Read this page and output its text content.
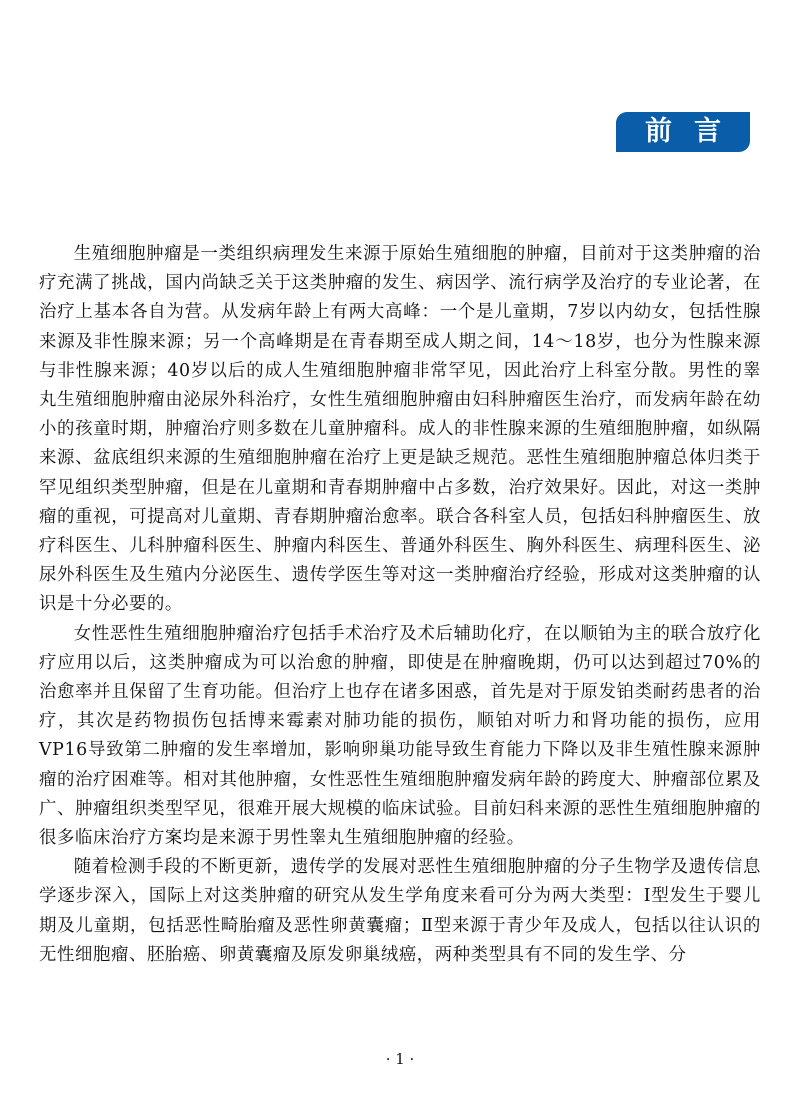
前言

生殖细胞肿瘤是一类组织病理发生来源于原始生殖细胞的肿瘤，目前对于这类肿瘤的治疗充满了挑战，国内尚缺乏关于这类肿瘤的发生、病因学、流行病学及治疗的专业论著，在治疗上基本各自为营。从发病年龄上有两大高峰：一个是儿童期，7岁以内幼女，包括性腺来源及非性腺来源；另一个高峰期是在青春期至成人期之间，14～18岁，也分为性腺来源与非性腺来源；40岁以后的成人生殖细胞肿瘤非常罕见，因此治疗上科室分散。男性的睾丸生殖细胞肿瘤由泌尿外科治疗，女性生殖细胞肿瘤由妇科肿瘤医生治疗，而发病年龄在幼小的孩童时期，肿瘤治疗则多数在儿童肿瘤科。成人的非性腺来源的生殖细胞肿瘤，如纵隔来源、盆底组织来源的生殖细胞肿瘤在治疗上更是缺乏规范。恶性生殖细胞肿瘤总体归类于罕见组织类型肿瘤，但是在儿童期和青春期肿瘤中占多数，治疗效果好。因此，对这一类肿瘤的重视，可提高对儿童期、青春期肿瘤治愈率。联合各科室人员，包括妇科肿瘤医生、放疗科医生、儿科肿瘤科医生、肿瘤内科医生、普通外科医生、胸外科医生、病理科医生、泌尿外科医生及生殖内分泌医生、遗传学医生等对这一类肿瘤治疗经验，形成对这类肿瘤的认识是十分必要的。

女性恶性生殖细胞肿瘤治疗包括手术治疗及术后辅助化疗，在以顺铂为主的联合放疗化疗应用以后，这类肿瘤成为可以治愈的肿瘤，即使是在肿瘤晚期，仍可以达到超过70%的治愈率并且保留了生育功能。但治疗上也存在诸多困惑，首先是对于原发铂类耐药患者的治疗，其次是药物损伤包括博来霉素对肺功能的损伤，顺铂对听力和肾功能的损伤，应用VP16导致第二肿瘤的发生率增加，影响卵巢功能导致生育能力下降以及非生殖性腺来源肿瘤的治疗困难等。相对其他肿瘤，女性恶性生殖细胞肿瘤发病年龄的跨度大、肿瘤部位累及广、肿瘤组织类型罕见，很难开展大规模的临床试验。目前妇科来源的恶性生殖细胞肿瘤的很多临床治疗方案均是来源于男性睾丸生殖细胞肿瘤的经验。

随着检测手段的不断更新，遗传学的发展对恶性生殖细胞肿瘤的分子生物学及遗传信息学逐步深入，国际上对这类肿瘤的研究从发生学角度来看可分为两大类型：Ⅰ型发生于婴儿期及儿童期，包括恶性畸胎瘤及恶性卵黄囊瘤；Ⅱ型来源于青少年及成人，包括以往认识的无性细胞瘤、胚胎癌、卵黄囊瘤及原发卵巢绒癌，两种类型具有不同的发生学、分

· 1 ·
